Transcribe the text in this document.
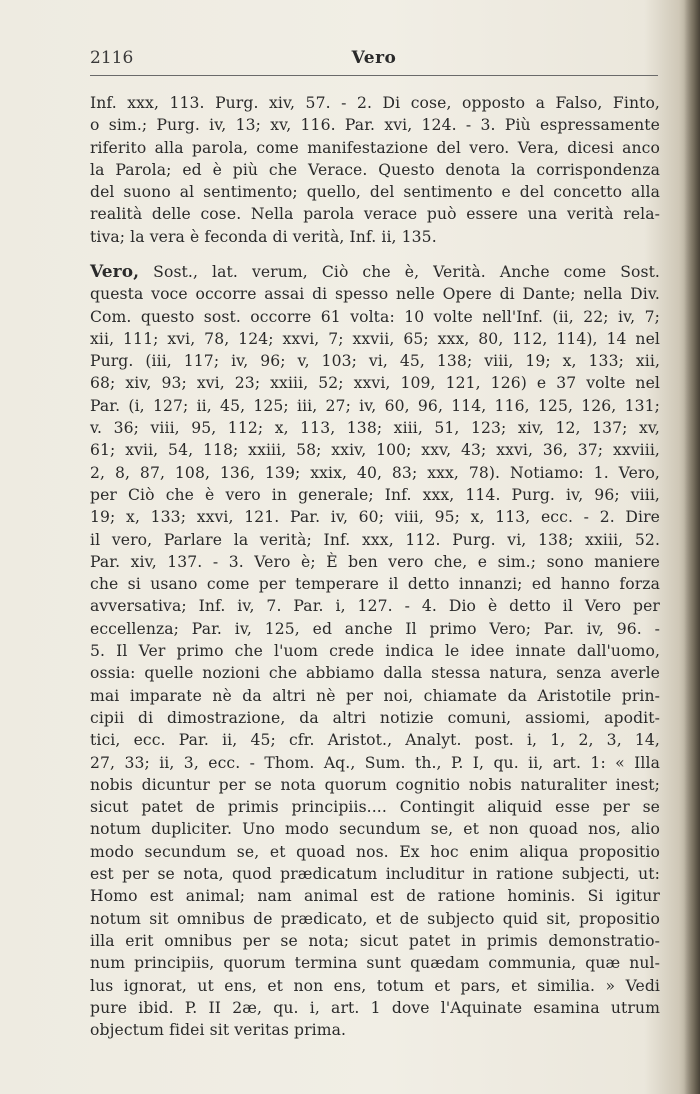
2116	Vero
Inf. xxx, 113. Purg. xiv, 57. - 2. Di cose, opposto a Falso, Finto,
o sim.; Purg. iv, 13; xv, 116. Par. xvi, 124. - 3. Più espressamente
riferito alla parola, come manifestazione del vero. Vera, dicesi anco
la Parola; ed è più che Verace. Questo denota la corrispondenza
del suono al sentimento; quello, del sentimento e del concetto alla
realità delle cose. Nella parola verace può essere una verità rela-
tiva; la vera è feconda di verità, Inf. ii, 135.
Vero, Sost., lat. verum, Ciò che è, Verità. Anche come Sost.
questa voce occorre assai di spesso nelle Opere di Dante; nella Div.
Com. questo sost. occorre 61 volta: 10 volte nell'Inf. (ii, 22; iv, 7;
xii, 111; xvi, 78, 124; xxvi, 7; xxvii, 65; xxx, 80, 112, 114), 14 nel
Purg. (iii, 117; iv, 96; v, 103; vi, 45, 138; viii, 19; x, 133; xii,
68; xiv, 93; xvi, 23; xxiii, 52; xxvi, 109, 121, 126) e 37 volte nel
Par. (i, 127; ii, 45, 125; iii, 27; iv, 60, 96, 114, 116, 125, 126, 131;
v. 36; viii, 95, 112; x, 113, 138; xiii, 51, 123; xiv, 12, 137; xv,
61; xvii, 54, 118; xxiii, 58; xxiv, 100; xxv, 43; xxvi, 36, 37; xxviii,
2, 8, 87, 108, 136, 139; xxix, 40, 83; xxx, 78). Notiamo: 1. Vero,
per Ciò che è vero in generale; Inf. xxx, 114. Purg. iv, 96; viii,
19; x, 133; xxvi, 121. Par. iv, 60; viii, 95; x, 113, ecc. - 2. Dire
il vero, Parlare la verità; Inf. xxx, 112. Purg. vi, 138; xxiii, 52.
Par. xiv, 137. - 3. Vero è; È ben vero che, e sim.; sono maniere
che si usano come per temperare il detto innanzi; ed hanno forza
avversativa; Inf. iv, 7. Par. i, 127. - 4. Dio è detto il Vero per
eccellenza; Par. iv, 125, ed anche Il primo Vero; Par. iv, 96. -
5. Il Ver primo che l'uom crede indica le idee innate dall'uomo,
ossia: quelle nozioni che abbiamo dalla stessa natura, senza averle
mai imparate nè da altri nè per noi, chiamate da Aristotile prin-
cipii di dimostrazione, da altri notizie comuni, assiomi, apodit-
tici, ecc. Par. ii, 45; cfr. Aristot., Analyt. post. i, 1, 2, 3, 14,
27, 33; ii, 3, ecc. - Thom. Aq., Sum. th., P. I, qu. ii, art. 1: « Illa
nobis dicuntur per se nota quorum cognitio nobis naturaliter inest;
sicut patet de primis principiis.... Contingit aliquid esse per se
notum dupliciter. Uno modo secundum se, et non quoad nos, alio
modo secundum se, et quoad nos. Ex hoc enim aliqua propositio
est per se nota, quod prædicatum includitur in ratione subjecti, ut:
Homo est animal; nam animal est de ratione hominis. Si igitur
notum sit omnibus de prædicato, et de subjecto quid sit, propositio
illa erit omnibus per se nota; sicut patet in primis demonstratio-
num principiis, quorum termina sunt quædam communia, quæ nul-
lus ignorat, ut ens, et non ens, totum et pars, et similia. » Vedi
pure ibid. P. II 2æ, qu. i, art. 1 dove l'Aquinate esamina utrum
objectum fidei sit veritas prima.
